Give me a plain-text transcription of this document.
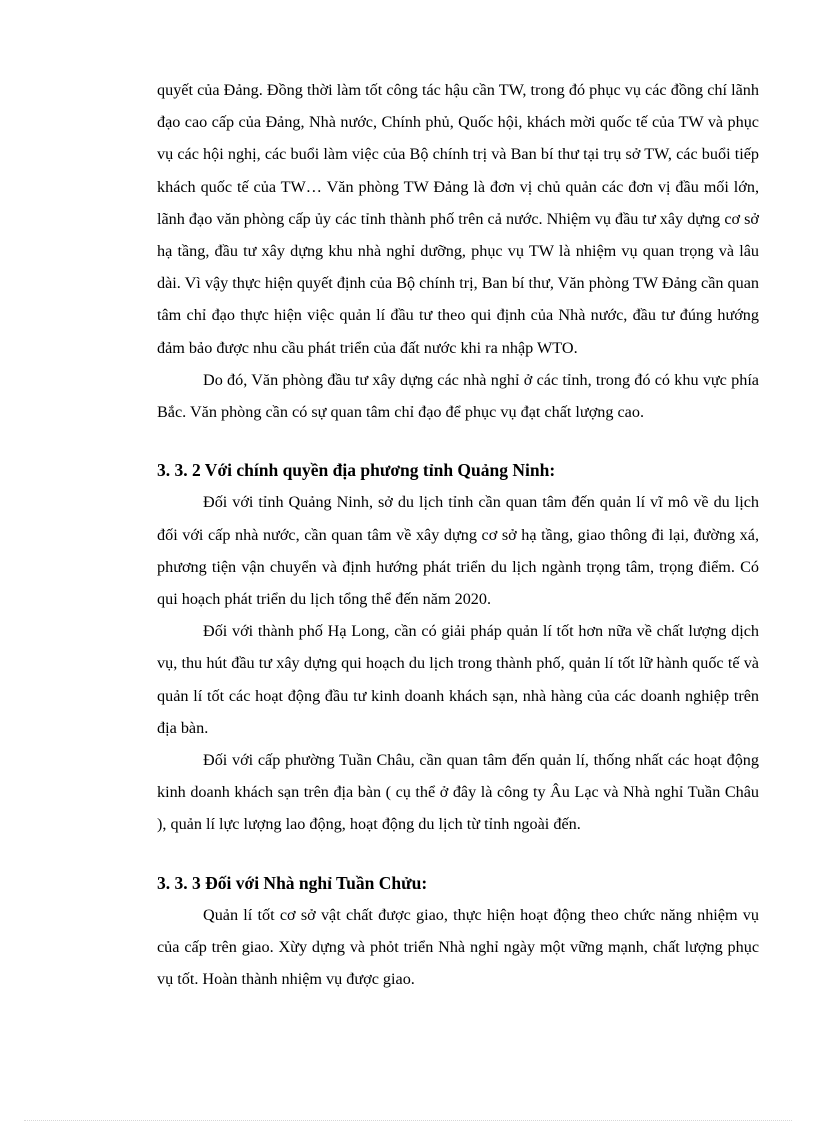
quyết của Đảng. Đồng thời làm tốt công tác hậu cần TW, trong đó phục vụ các đồng chí lãnh đạo cao cấp của Đảng, Nhà nước, Chính phủ, Quốc hội, khách mời quốc tế của TW và phục vụ các hội nghị, các buổi làm việc của Bộ chính trị và Ban bí thư tại trụ sở TW, các buổi tiếp khách quốc tế của TW… Văn phòng TW Đảng là đơn vị chủ quản các đơn vị đầu mối lớn, lãnh đạo văn phòng cấp ủy các tỉnh thành phố trên cả nước. Nhiệm vụ đầu tư xây dựng cơ sở hạ tầng, đầu tư xây dựng khu nhà nghỉ dưỡng, phục vụ TW là nhiệm vụ quan trọng và lâu dài. Vì vậy thực hiện quyết định của Bộ chính trị, Ban bí thư, Văn phòng TW Đảng cần quan tâm chỉ đạo thực hiện việc quản lí đầu tư theo qui định của Nhà nước, đầu tư đúng hướng đảm bảo được nhu cầu phát triển của đất nước khi ra nhập WTO.

Do đó, Văn phòng đầu tư xây dựng các nhà nghỉ ở các tỉnh, trong đó có khu vực phía Bắc. Văn phòng cần có sự quan tâm chỉ đạo để phục vụ đạt chất lượng cao.

3. 3. 2 Với chính quyền địa phương tỉnh Quảng Ninh:

Đối với tỉnh Quảng Ninh, sở du lịch tỉnh cần quan tâm đến quản lí vĩ mô về du lịch đối với cấp nhà nước, cần quan tâm về xây dựng cơ sở hạ tầng, giao thông đi lại, đường xá, phương tiện vận chuyển và định hướng phát triển du lịch ngành trọng tâm, trọng điểm. Có qui hoạch phát triển du lịch tổng thể đến năm 2020.

Đối với thành phố Hạ Long, cần có giải pháp quản lí tốt hơn nữa về chất lượng dịch vụ, thu hút đầu tư xây dựng qui hoạch du lịch trong thành phố, quản lí tốt lữ hành quốc tế và quản lí tốt các hoạt động đầu tư kinh doanh khách sạn, nhà hàng của các doanh nghiệp trên địa bàn.

Đối với cấp phường Tuần Châu, cần quan tâm đến quản lí, thống nhất các hoạt động kinh doanh khách sạn trên địa bàn ( cụ thể ở đây là công ty Âu Lạc và Nhà nghỉ Tuần Châu ), quản lí lực lượng lao động, hoạt động du lịch từ tỉnh ngoài đến.

3. 3. 3 Đối với Nhà nghỉ Tuần Chửu:

Quản lí tốt cơ sở vật chất được giao, thực hiện hoạt động theo chức năng nhiệm vụ của cấp trên giao. Xừy dựng và phỏt triển Nhà nghỉ ngày một vững mạnh, chất lượng phục vụ tốt. Hoàn thành nhiệm vụ được giao.
